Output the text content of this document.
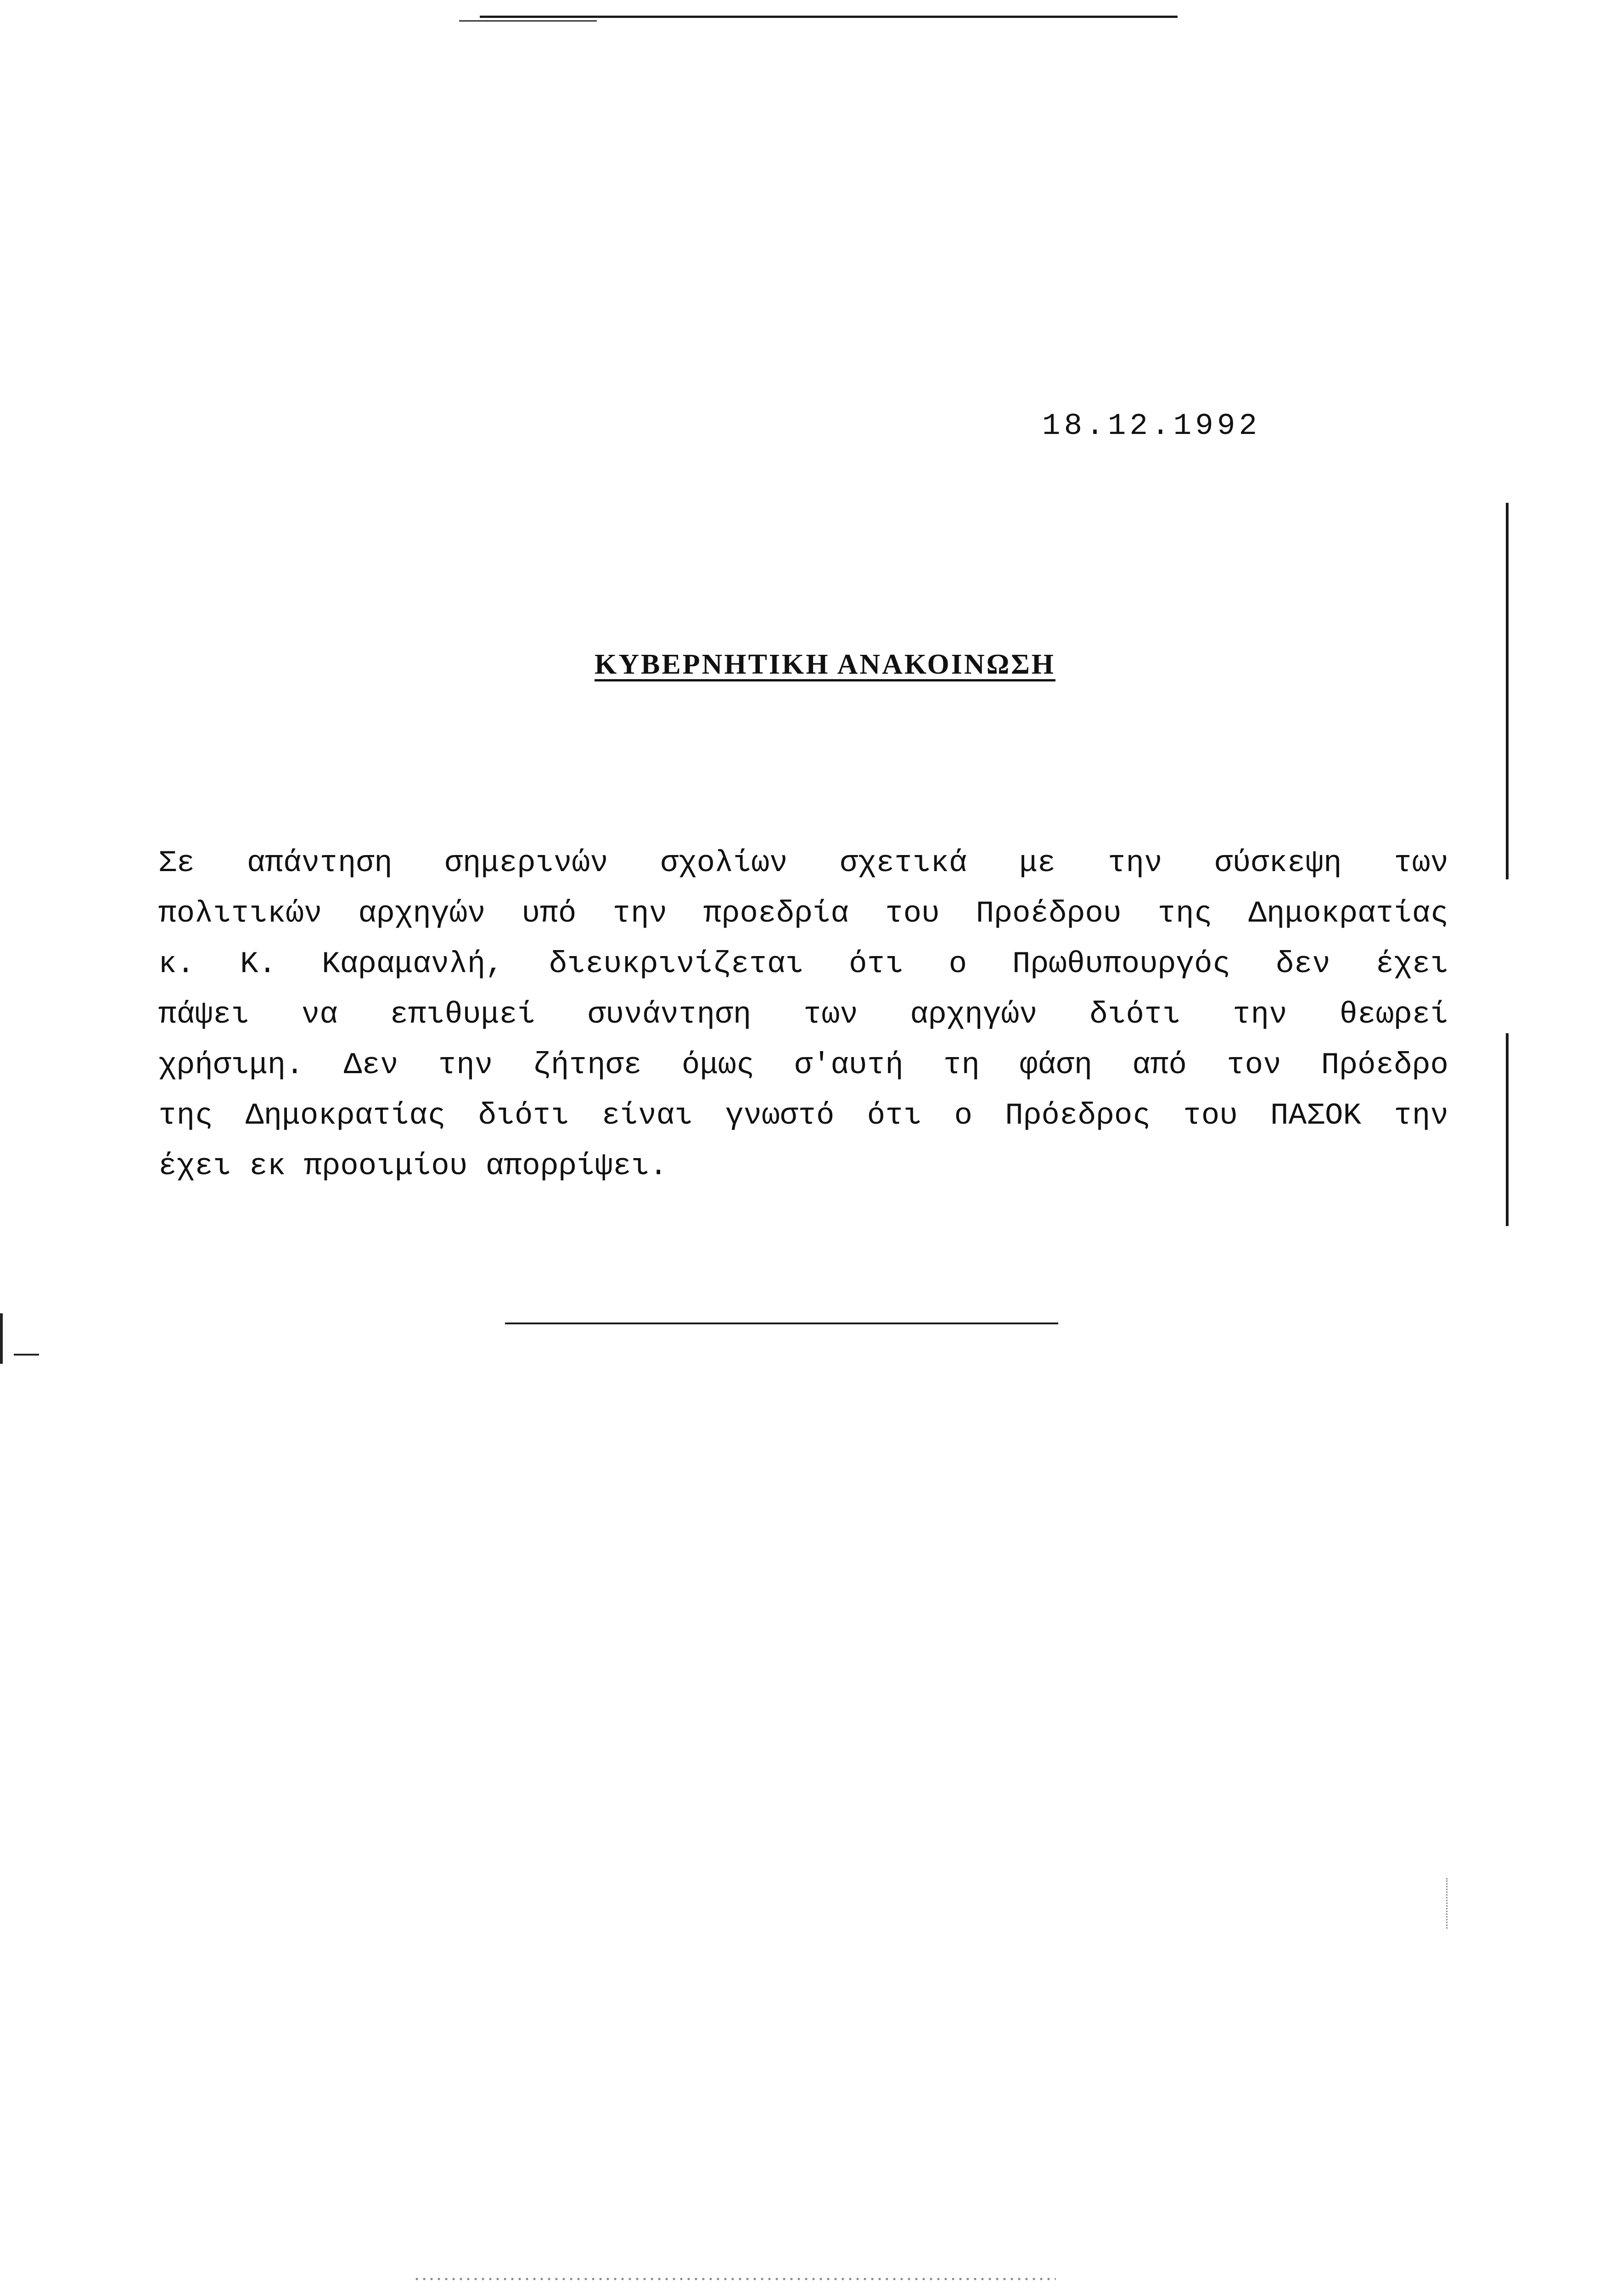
18.12.1992
ΚΥΒΕΡΝΗΤΙΚΗ ΑΝΑΚΟΙΝΩΣΗ
Σε απάντηση σημερινών σχολίων σχετικά με την σύσκεψη των
πολιτικών αρχηγών υπό την προεδρία του Προέδρου της Δημοκρατίας
κ. Κ. Καραμανλή, διευκρινίζεται ότι ο Πρωθυπουργός δεν έχει
πάψει να επιθυμεί συνάντηση των αρχηγών διότι την θεωρεί
χρήσιμη. Δεν την ζήτησε όμως σ'αυτή τη φάση από τον Πρόεδρο
της Δημοκρατίας διότι είναι γνωστό ότι ο Πρόεδρος του ΠΑΣΟΚ την
έχει εκ προοιμίου απορρίψει.
